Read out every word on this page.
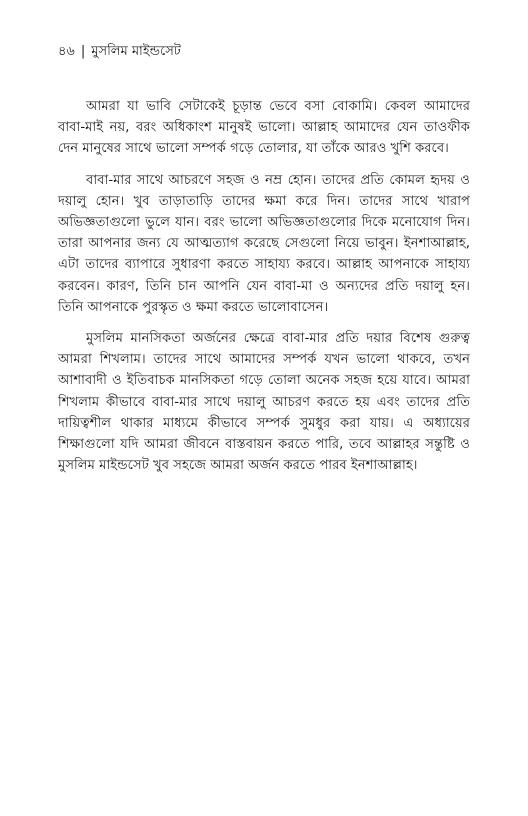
৪৬ | মুসলিম মাইন্ডসেট

আমরা যা ভাবি সেটাকেই চূড়ান্ত ভেবে বসা বোকামি। কেবল আমাদের বাবা-মাই নয়, বরং অধিকাংশ মানুষই ভালো। আল্লাহ আমাদের যেন তাওফীক দেন মানুষের সাথে ভালো সম্পর্ক গড়ে তোলার, যা তাঁকে আরও খুশি করবে।

বাবা-মার সাথে আচরণে সহজ ও নম্র হোন। তাদের প্রতি কোমল হৃদয় ও দয়ালু হোন। খুব তাড়াতাড়ি তাদের ক্ষমা করে দিন। তাদের সাথে খারাপ অভিজ্ঞতাগুলো ভুলে যান। বরং ভালো অভিজ্ঞতাগুলোর দিকে মনোযোগ দিন। তারা আপনার জন্য যে আত্মত্যাগ করেছে সেগুলো নিয়ে ভাবুন। ইনশাআল্লাহ, এটা তাদের ব্যাপারে সুধারণা করতে সাহায্য করবে। আল্লাহ আপনাকে সাহায্য করবেন। কারণ, তিনি চান আপনি যেন বাবা-মা ও অন্যদের প্রতি দয়ালু হন। তিনি আপনাকে পুরস্কৃত ও ক্ষমা করতে ভালোবাসেন।

মুসলিম মানসিকতা অর্জনের ক্ষেত্রে বাবা-মার প্রতি দয়ার বিশেষ গুরুত্ব আমরা শিখলাম। তাদের সাথে আমাদের সম্পর্ক যখন ভালো থাকবে, তখন আশাবাদী ও ইতিবাচক মানসিকতা গড়ে তোলা অনেক সহজ হয়ে যাবে। আমরা শিখলাম কীভাবে বাবা-মার সাথে দয়ালু আচরণ করতে হয় এবং তাদের প্রতি দায়িত্বশীল থাকার মাধ্যমে কীভাবে সম্পর্ক সুমধুর করা যায়। এ অধ্যায়ের শিক্ষাগুলো যদি আমরা জীবনে বাস্তবায়ন করতে পারি, তবে আল্লাহর সন্তুষ্টি ও মুসলিম মাইন্ডসেট খুব সহজে আমরা অর্জন করতে পারব ইনশাআল্লাহ।
